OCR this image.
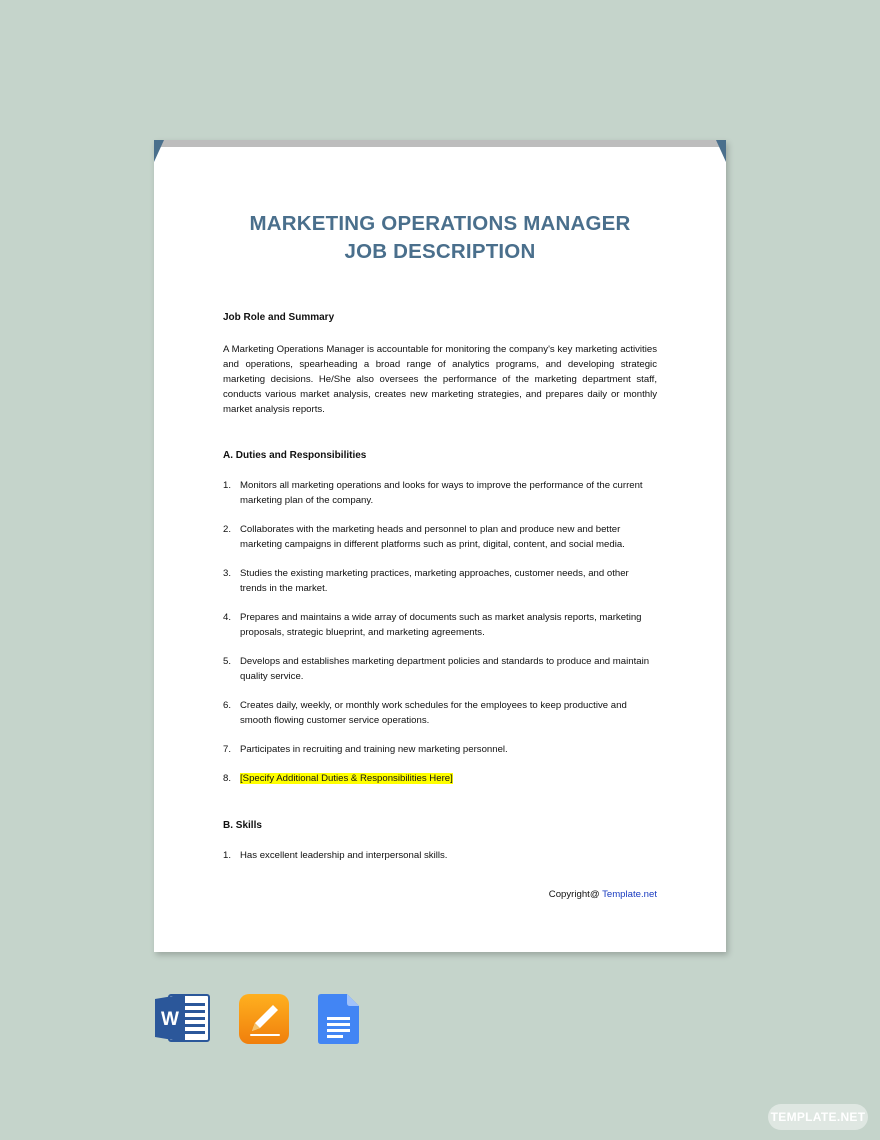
MARKETING OPERATIONS MANAGER
JOB DESCRIPTION
Job Role and Summary
A Marketing Operations Manager is accountable for monitoring the company's key marketing activities and operations, spearheading a broad range of analytics programs, and developing strategic marketing decisions. He/She also oversees the performance of the marketing department staff, conducts various market analysis, creates new marketing strategies, and prepares daily or monthly market analysis reports.
A. Duties and Responsibilities
1. Monitors all marketing operations and looks for ways to improve the performance of the current marketing plan of the company.
2. Collaborates with the marketing heads and personnel to plan and produce new and better marketing campaigns in different platforms such as print, digital, content, and social media.
3. Studies the existing marketing practices, marketing approaches, customer needs, and other trends in the market.
4. Prepares and maintains a wide array of documents such as market analysis reports, marketing proposals, strategic blueprint, and marketing agreements.
5. Develops and establishes marketing department policies and standards to produce and maintain quality service.
6. Creates daily, weekly, or monthly work schedules for the employees to keep productive and smooth flowing customer service operations.
7. Participates in recruiting and training new marketing personnel.
8. [Specify Additional Duties & Responsibilities Here]
B. Skills
1. Has excellent leadership and interpersonal skills.
Copyright@ Template.net
W
TEMPLATE.NET
